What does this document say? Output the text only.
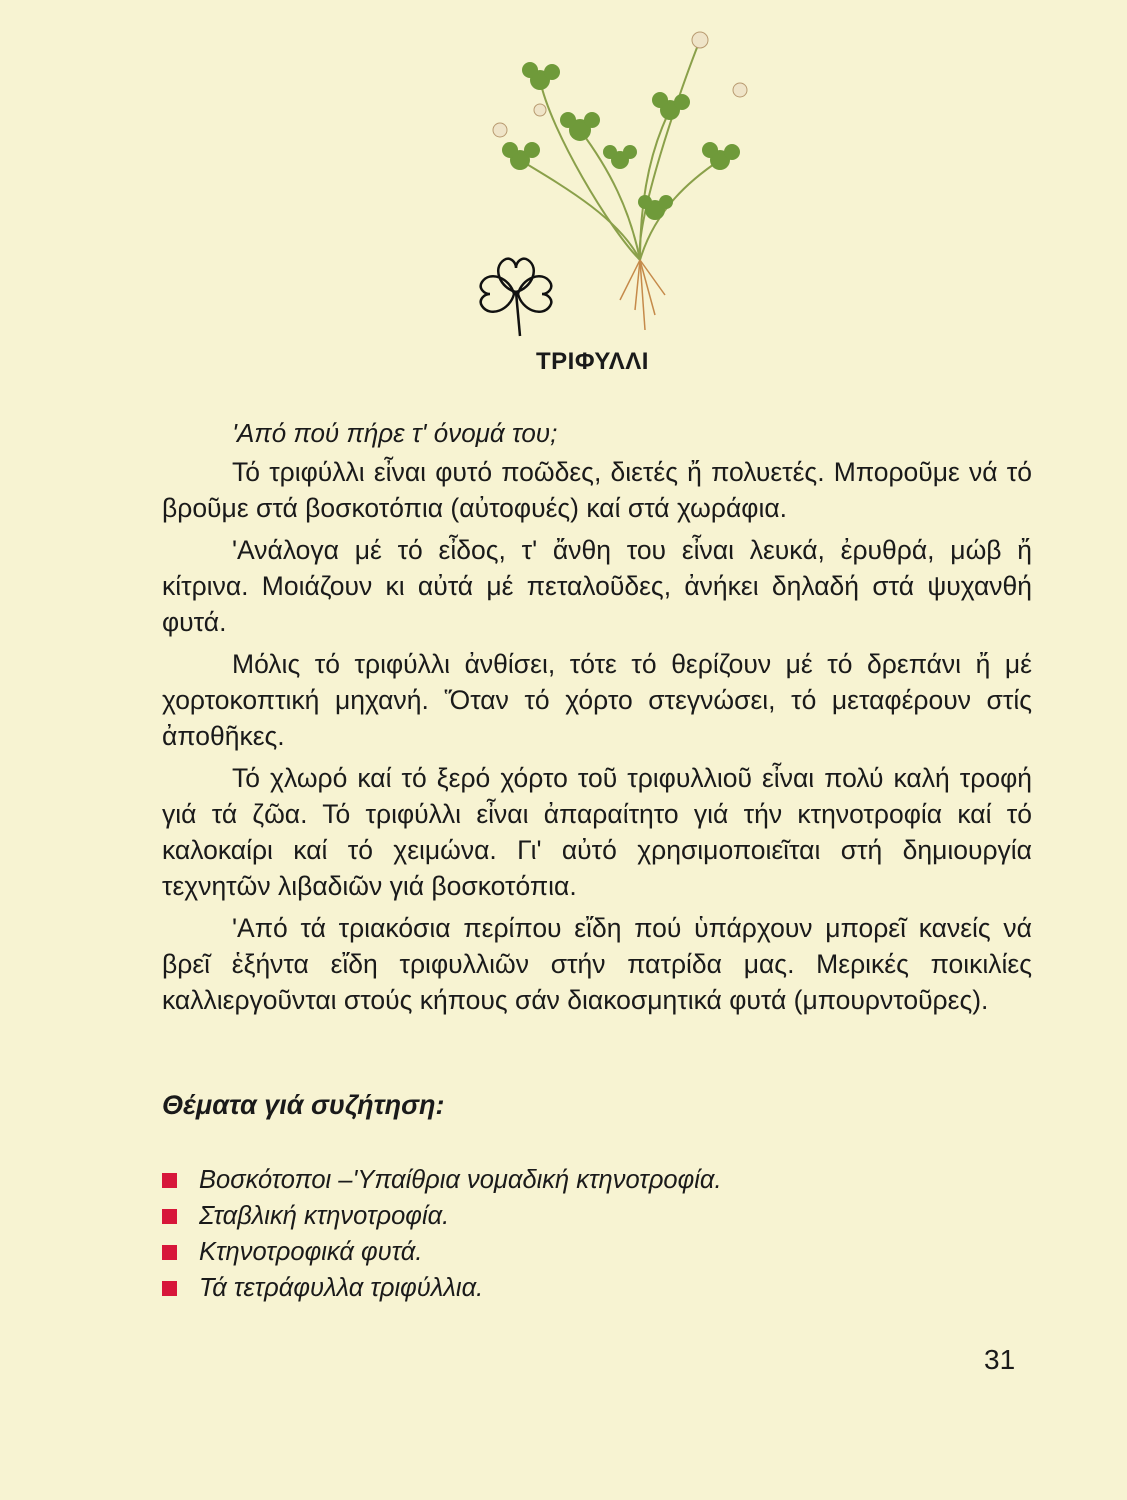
ΤΡΙΦΥΛΛΙ
'Από πού πήρε τ' όνομά του;

Τό τριφύλλι εἶναι φυτό ποῶδες, διετές ἤ πολυετές. Μποροῦμε νά τό βροῦμε στά βοσκοτόπια (αὐτοφυές) καί στά χωράφια.

'Ανάλογα μέ τό εἶδος, τ' ἄνθη του εἶναι λευκά, ἐρυθρά, μώβ ἤ κίτρινα. Μοιάζουν κι αὐτά μέ πεταλοῦδες, ἀνήκει δηλαδή στά ψυχανθή φυτά.

Μόλις τό τριφύλλι ἀνθίσει, τότε τό θερίζουν μέ τό δρεπάνι ἤ μέ χορτοκοπτική μηχανή. Ὅταν τό χόρτο στεγνώσει, τό μεταφέρουν στίς ἀποθῆκες.

Τό χλωρό καί τό ξερό χόρτο τοῦ τριφυλλιοῦ εἶναι πολύ καλή τροφή γιά τά ζῶα. Τό τριφύλλι εἶναι ἀπαραίτητο γιά τήν κτηνοτροφία καί τό καλοκαίρι καί τό χειμώνα. Γι' αὐτό χρησιμοποιεῖται στή δημιουργία τεχνητῶν λιβαδιῶν γιά βοσκοτόπια.

'Από τά τριακόσια περίπου εἴδη πού ὑπάρχουν μπορεῖ κανείς νά βρεῖ ἑξήντα εἴδη τριφυλλιῶν στήν πατρίδα μας. Μερικές ποικιλίες καλλιεργοῦνται στούς κήπους σάν διακοσμητικά φυτά (μπουρντοῦρες).

Θέματα γιά συζήτηση:
Βοσκότοποι –'Υπαίθρια νομαδική κτηνοτροφία.
Σταβλική κτηνοτροφία.
Κτηνοτροφικά φυτά.
Τά τετράφυλλα τριφύλλια.
31
